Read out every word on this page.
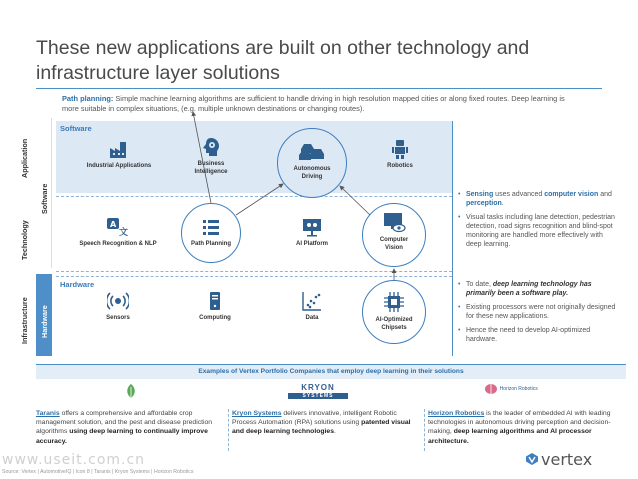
These new applications are built on other technology and infrastructure layer solutions
Path planning: Simple machine learning algorithms are sufficient to handle driving in high resolution mapped cities or along fixed routes. Deep learning is more suitable in complex situations, (e.g. multiple unknown destinations or changing routes).
Application
Technology
Infrastructure
Software
Hardware
Software
Hardware
Industrial Applications	Business Intelligence	Autonomous Driving
Robotics
A
文
Speech Recognition & NLP	Path Planning	AI Platform
Computer Vision
Sensors	Computing	Data	AI-Optimized Chipsets
• Sensing uses advanced computer vision and perception.
• Visual tasks including lane detection, pedestrian detection, road signs recognition and blind-spot monitoring are handled more effectively with deep learning.
• To date, deep learning technology has primarily been a software play.
• Existing processors were not originally designed for these new applications.
• Hence the need to develop AI-optimized hardware.
Examples of Vertex Portfolio Companies that employ deep learning in their solutions
KRYON
SYSTEMS
Horizon Robotics
Taranis offers a comprehensive and affordable crop management solution, and the pest and disease prediction algorithms using deep learning to continually improve accuracy.
Kryon Systems delivers innovative, intelligent Robotic Process Automation (RPA) solutions using patented visual and deep learning technologies.
Horizon Robotics is the leader of embedded AI with leading technologies in autonomous driving perception and decision-making, deep learning algorithms and AI processor architecture.
www.useit.com.cn
Source: Vertex | AutomotiveIQ | Icon 8 | Taranis | Kryon Systems | Horizon Robotics
vertex
